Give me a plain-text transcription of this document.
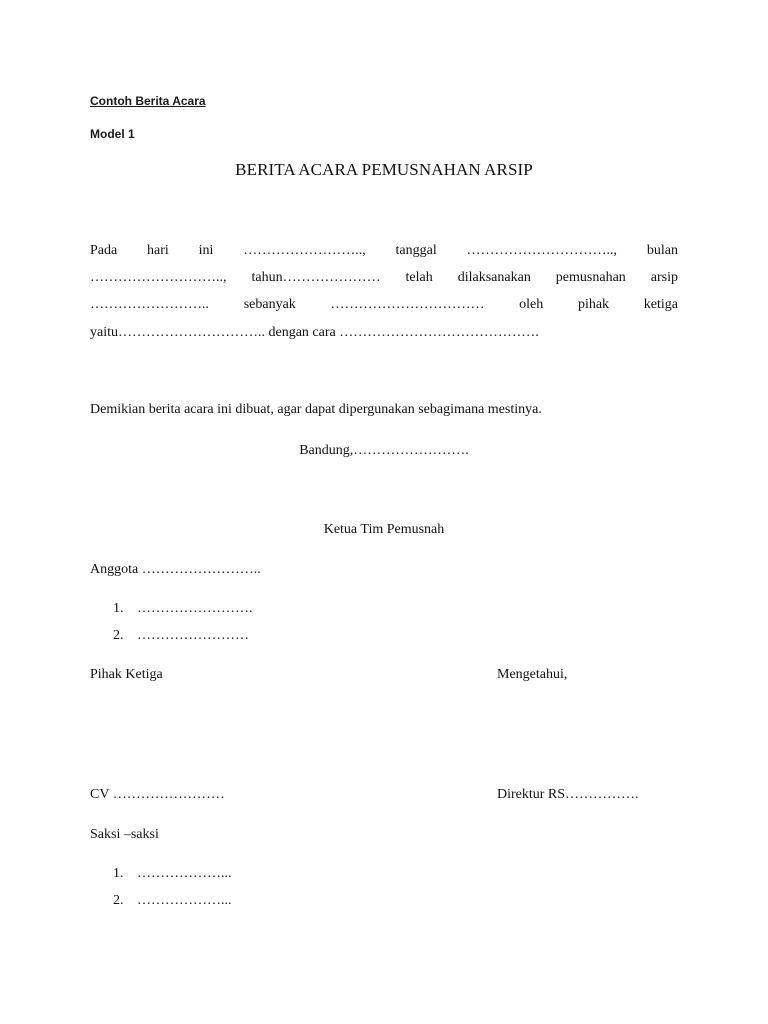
Contoh Berita Acara
Model 1
BERITA ACARA PEMUSNAHAN ARSIP
Pada hari ini …………………….., tanggal ………………………….., bulan
……………………….., tahun………………… telah dilaksanakan pemusnahan arsip
…………………….. sebanyak …………………………… oleh pihak ketiga
yaitu………………………….. dengan cara …………………………………….
Demikian berita acara ini dibuat, agar dapat dipergunakan sebagimana mestinya.
Bandung,…………………….
Ketua Tim Pemusnah
Anggota ……………………..
1. …………………….
2. ……………………
Pihak Ketiga	Mengetahui,
CV ……………………	Direktur RS…………….
Saksi –saksi
1. ………………...
2. ………………...
